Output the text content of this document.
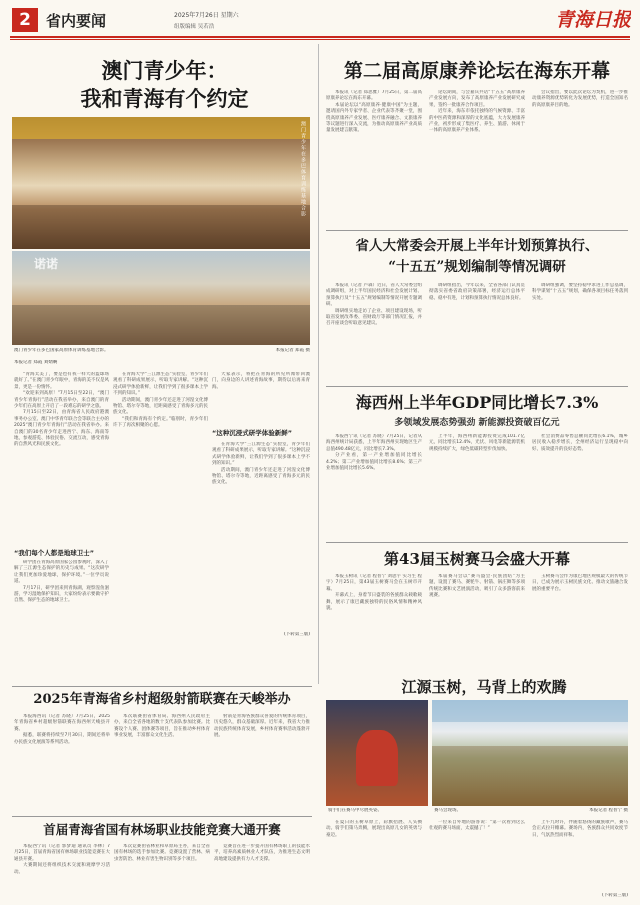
2	省内要闻	2025年7月26日 星期六
组版编辑 吴若浩	青海日报
澳门青少年：
我和青海有个约定
澳门青少年在多巴体育训练基地合影
诺诺
澳门青少年在多巴国家高原体育训练基地合影。	本报记者 郑霞 摄
本报记者 郑霞 刘婧娴

“青海太美了，要是也有我一样大的篮球场就好了。”在澳门青少年眼中，青海的美不仅是风景，更是一份情怀。

“欢迎来到高原！”7月15日至22日，“澳门青少年青海行”活动在我省举办，来自澳门的青少年们在高原上开启了一段难忘的研学之旅。

7月15日至22日，由青海省人民政府港澳事务办公室、澳门中华青年联合会等联合主办的2025“澳门青少年青海行”活动在我省举办。来自澳门的30名青少年走进西宁、海东、海南等地，参观游览、体验民俗、交流互动，感受青海的自然风光和民族文化。

“我们每个人都是地球卫士”

研学团在青海高原国家公园参观时，深入了解了三江源生态保护的历史与成果。“这次研学让我们更加珍爱地球，保护环境。”一位学员说道。

7月17日，研学团来到青海湖，观察湟鱼洄游，学习湿地保护知识，大家纷纷表示要做守护自然、保护生态的地球卫士。

在青海大学“三江源生态”实验室，青少年们观看了科研成果展示，听取专家讲解。“这种沉浸式研学体验新鲜，让我们学到了很多课本上学不到的知识。”

活动期间，澳门青少年还走进了河湟文化博物馆、塔尔寺等地，近距离感受了青海多元的民族文化。

“我们和青海有个约定。”临别时，青少年们许下了再次相聚的心愿。

大家表示，将把在青海的所见所闻带回澳门，向身边的人讲述青海故事，期待以后再来青海。

“这种沉浸式研学体验新鲜”

在青海大学“三江源生态”实验室，青少年们观看了科研成果展示，听取专家讲解。“这种沉浸式研学体验新鲜，让我们学到了很多课本上学不到的知识。”

活动期间，澳门青少年还走进了河湟文化博物馆、塔尔寺等地，近距离感受了青海多元的民族文化。

(下转第三版)
第二届高原康养论坛在海东开幕

本报讯（记者 郑思雅）7月25日，第二届高原康养论坛在海东开幕。

本届论坛以“高原康养·健康中国”为主题，邀请国内外专家学者、企业代表等齐聚一堂，围绕高原康养产业发展、医疗康养融合、文旅康养等议题进行深入交流，为推动高原康养产业高质量发展建言献策。

论坛期间，与会嘉宾共话“十五五”高原康养产业发展方向，发布了高原康养产业发展研究成果，签约一批康养合作项目。

近年来，海东市依托独特的气候资源、丰富的中医药资源和深厚的文化底蕴，大力发展康养产业，初步形成了集医疗、养生、旅游、休闲于一体的高原康养产业体系。

会议指出，要以此次论坛为契机，进一步推动康养资源优势转化为发展优势，打造全国知名的高原康养目的地。

省人大常委会开展上半年计划预算执行、
“十五五”规划编制等情况调研

本报讯（记者 芦森）近日，省人大常委会组成调研组，对上半年国民经济和社会发展计划、预算执行及“十五五”规划编制等情况开展专题调研。

调研组实地走访了企业、项目建设现场，听取省发展改革委、省财政厅等部门情况汇报，并召开座谈会听取意见建议。

调研组指出，今年以来，全省各部门认真贯彻落实省委省政府决策部署，经济运行总体平稳、稳中有进，计划和预算执行情况总体良好。

调研组强调，要坚持稳中求进工作总基调，科学谋划“十五五”规划，确保各项目标任务落到实处。

海西州上半年GDP同比增长7.3%
多领域发展态势强劲 新能源投资破百亿元

本报西宁讯（记者 苏晓）7月25日，记者从海西州统计局获悉，上半年海西州实现地区生产总值490.48亿元，同比增长7.3%。

分产业看，第一产业增加值同比增长4.2%；第二产业增加值同比增长8.6%；第三产业增加值同比增长5.6%。

上半年，海西州新能源投资完成101.7亿元，同比增长12.4%，光伏、风电等新能源装机规模持续扩大，绿色低碳转型步伐加快。

社会消费品零售总额同比增长6.1%，城乡居民收入稳步增长，全州经济运行呈现稳中向好、质效提升的良好态势。

第43届玉树赛马会盛大开幕

本报玉树讯（记者 程普宁 刘思宇 实习生 程宇）7月25日，第43届玉树赛马会在玉树市开幕。

开幕式上，身着节日盛装的各族群众载歌载舞，展示了康巴藏族独特的民俗风情和精神风貌。

本届赛马会以“赛马盛会·民族团结”为主题，设置了赛马、赛牦牛、射箭、锅庄舞等多项传统比赛和文艺展演活动，吸引了众多游客前来观赛。

玉树赛马会作为康巴地区规模最大的传统节日，已成为展示玉树民族文化、推动文旅融合发展的重要平台。

江源玉树，马背上的欢腾
骑手们在赛马中尽展英姿。	赛马会现场。	本报记者 程普宁 摄

在夏日的玉树草原上，彩旗招展、人头攒动。骑手们策马奔腾，展现出高原儿女的英勇与豪迈。

一位来自外地的游客说：“第一次看到这么壮观的赛马场面，太震撼了！”

上午九时许，伴随着悠扬的藏族歌声，赛马会正式拉开帷幕。赛场内，各族群众共同欢度节日，气氛热烈而祥和。

(下转第三版)
2025年青海省乡村超级射箭联赛在天峻举办

本报海西讯（记者 苏晓）7月25日，2025年青海省乡村超级射箭联赛在海西州天峻县开赛。

据悉，联赛将持续至7月30日，期间还将举办民族文化展演等系列活动。

本次联赛由省体育局、海西州人民政府主办，来自全省各地的数十支代表队参加比赛。比赛设个人赛、团体赛等项目，旨在推动乡村体育事业发展，丰富群众文化生活。

射箭是青海各族群众喜爱的传统体育项目，历史悠久，群众基础深厚。近年来，我省大力推动民族传统体育发展，乡村体育赛事活动蓬勃开展。

首届青海省国有林场职业技能竞赛大通开赛

本报西宁讯（记者 郭梦迪 通讯员 李林）7月25日，首届青海省国有林场职业技能竞赛在大通县开赛。

大赛期间还将组织技术交流和观摩学习活动。

本次竞赛由省林业和草原局主办，来自全省国有林场的选手参加比赛。竞赛设置了营林、病虫害防治、林业有害生物识别等多个项目。

竞赛旨在进一步提升国有林场职工的技能水平，培养高素质林业人才队伍，为推进生态文明高地建设提供有力人才支撑。
